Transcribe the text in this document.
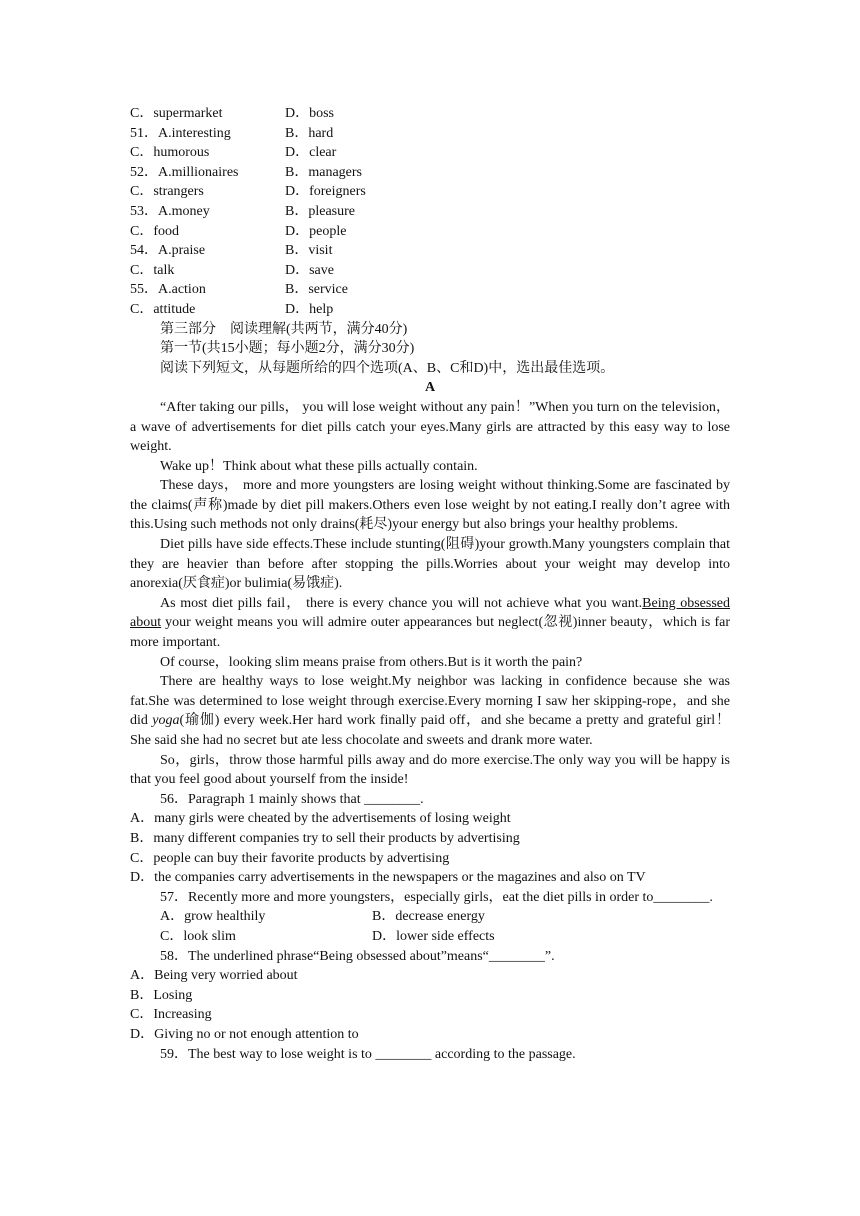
C．supermarket	D．boss
51．A.interesting	B．hard
C．humorous	D．clear
52．A.millionaires	B．managers
C．strangers	D．foreigners
53．A.money	B．pleasure
C．food	D．people
54．A.praise	B．visit
C．talk	D．save
55．A.action	B．service
C．attitude	D．help

第三部分　阅读理解(共两节，满分40分)

第一节(共15小题；每小题2分，满分30分)

阅读下列短文，从每题所给的四个选项(A、B、C和D)中，选出最佳选项。

A

“After taking our pills， you will lose weight without any pain！”When you turn on the television，a wave of advertisements for diet pills catch your eyes.Many girls are attracted by this easy way to lose weight.

Wake up！Think about what these pills actually contain.

These days， more and more youngsters are losing weight without thinking.Some are fascinated by the claims(声称)made by diet pill makers.Others even lose weight by not eating.I really don’t agree with this.Using such methods not only drains(耗尽)your energy but also brings your healthy problems.

Diet pills have side effects.These include stunting(阻碍)your growth.Many youngsters complain that they are heavier than before after stopping the pills.Worries about your weight may develop into anorexia(厌食症)or bulimia(易饿症).

As most diet pills fail， there is every chance you will not achieve what you want.Being obsessed about your weight means you will admire outer appearances but neglect(忽视)inner beauty，which is far more important.

Of course，looking slim means praise from others.But is it worth the pain?

There are healthy ways to lose weight.My neighbor was lacking in confidence because she was fat.She was determined to lose weight through exercise.Every morning I saw her skipping-rope，and she did yoga(瑜伽) every week.Her hard work finally paid off，and she became a pretty and grateful girl！She said she had no secret but ate less chocolate and sweets and drank more water.

So，girls，throw those harmful pills away and do more exercise.The only way you will be happy is that you feel good about yourself from the inside!

56．Paragraph 1 mainly shows that ________.

A．many girls were cheated by the advertisements of losing weight

B．many different companies try to sell their products by advertising

C．people can buy their favorite products by advertising

D．the companies carry advertisements in the newspapers or the magazines and also on TV

57．Recently more and more youngsters，especially girls，eat the diet pills in order to________.

A．grow healthily	B．decrease energy
C．look slim	D．lower side effects

58．The underlined phrase“Being obsessed about”means“________”.

A．Being very worried about

B．Losing

C．Increasing

D．Giving no or not enough attention to

59．The best way to lose weight is to ________ according to the passage.
